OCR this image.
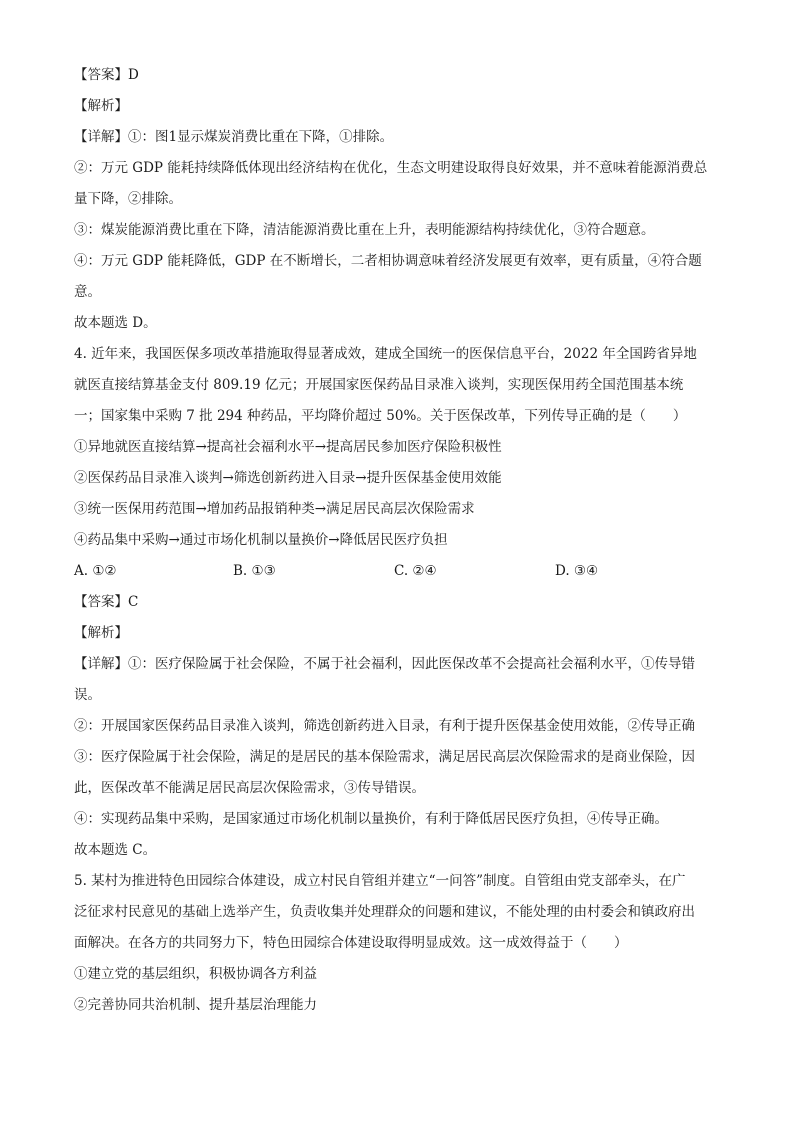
【答案】D
【解析】
【详解】①：图1显示煤炭消费比重在下降，①排除。
②：万元 GDP 能耗持续降低体现出经济结构在优化，生态文明建设取得良好效果，并不意味着能源消费总
量下降，②排除。
③：煤炭能源消费比重在下降，清洁能源消费比重在上升，表明能源结构持续优化，③符合题意。
④：万元 GDP 能耗降低，GDP 在不断增长，二者相协调意味着经济发展更有效率，更有质量，④符合题
意。
故本题选 D。
4. 近年来，我国医保多项改革措施取得显著成效，建成全国统一的医保信息平台，2022 年全国跨省异地
就医直接结算基金支付 809.19 亿元；开展国家医保药品目录准入谈判，实现医保用药全国范围基本统
一；国家集中采购 7 批 294 种药品，平均降价超过 50%。关于医保改革，下列传导正确的是（　　）
①异地就医直接结算→提高社会福利水平→提高居民参加医疗保险积极性
②医保药品目录准入谈判→筛选创新药进入目录→提升医保基金使用效能
③统一医保用药范围→增加药品报销种类→满足居民高层次保险需求
④药品集中采购→通过市场化机制以量换价→降低居民医疗负担
A. ①②	B. ①③	C. ②④	D. ③④
【答案】C
【解析】
【详解】①：医疗保险属于社会保险，不属于社会福利，因此医保改革不会提高社会福利水平，①传导错
误。
②：开展国家医保药品目录准入谈判，筛选创新药进入目录，有利于提升医保基金使用效能，②传导正确
③：医疗保险属于社会保险，满足的是居民的基本保险需求，满足居民高层次保险需求的是商业保险，因
此，医保改革不能满足居民高层次保险需求，③传导错误。
④：实现药品集中采购，是国家通过市场化机制以量换价，有利于降低居民医疗负担，④传导正确。
故本题选 C。
5. 某村为推进特色田园综合体建设，成立村民自管组并建立“一问答”制度。自管组由党支部牵头，在广
泛征求村民意见的基础上选举产生，负责收集并处理群众的问题和建议，不能处理的由村委会和镇政府出
面解决。在各方的共同努力下，特色田园综合体建设取得明显成效。这一成效得益于（　　）
①建立党的基层组织，积极协调各方利益
②完善协同共治机制、提升基层治理能力
